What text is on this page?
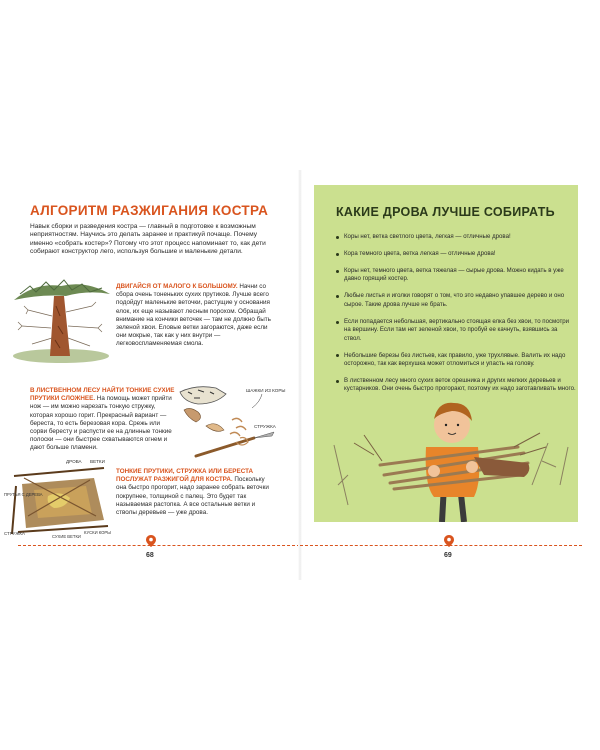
АЛГОРИТМ РАЗЖИГАНИЯ КОСТРА

Навык сборки и разведения костра — главный в подготовке к возможным неприятностям. Научись это делать заранее и практикуй почаще. Почему именно «собрать костер»? Потому что этот процесс напоминает то, как дети собирают конструктор лего, используя большие и маленькие детали.

ДВИГАЙСЯ ОТ МАЛОГО К БОЛЬШОМУ. Начни со сбора очень тоненьких сухих прутиков. Лучше всего подойдут маленькие веточки, растущие у основания елок, их еще называют лесным порохом. Обращай внимание на кончики веточек — там не должно быть зеленой хвои. Еловые ветки загораются, даже если они мокрые, так как у них внутри — легковоспламеняемая смола.

В ЛИСТВЕННОМ ЛЕСУ НАЙТИ ТОНКИЕ СУХИЕ ПРУТИКИ СЛОЖНЕЕ. На помощь может прийти нож — им можно нарезать тонкую стружку, которая хорошо горит. Прекрасный вариант — береста, то есть березовая кора. Срежь или сорви бересту и распусти ее на длинные тонкие полоски — они быстрее схватываются огнем и дают больше пламени.

ШАЖКИ ИЗ КОРЫ
СТРУЖКА
ДРОВА ВЕТКИ
ПРУТЬЯ С ДЕРЕВА
СТРУЖКА
СУХИЕ ВЕТКИ
КУСКИ КОРЫ

ТОНКИЕ ПРУТИКИ, СТРУЖКА ИЛИ БЕРЕСТА ПОСЛУЖАТ РАЗЖИГОЙ ДЛЯ КОСТРА. Поскольку она быстро прогорит, надо заранее собрать веточки покрупнее, толщиной с палец. Это будет так называемая растопка. А все остальные ветки и стволы деревьев — уже дрова.

68
КАКИЕ ДРОВА ЛУЧШЕ СОБИРАТЬ
Коры нет, ветка светлого цвета, легкая — отличные дрова!
Кора темного цвета, ветка легкая — отличные дрова!
Коры нет, темного цвета, ветка тяжелая — сырые дрова. Можно кидать в уже давно горящий костер.
Любые листья и иголки говорят о том, что это недавно упавшее дерево и оно сырое. Такие дрова лучше не брать.
Если попадается небольшая, вертикально стоящая елка без хвои, то посмотри на вершину. Если там нет зеленой хвои, то пробуй ее качнуть, взявшись за ствол.
Небольшие березы без листьев, как правило, уже трухлявые. Валить их надо осторожно, так как верхушка может отломиться и упасть на голову.
В лиственном лесу много сухих веток орешника и других мелких деревьев и кустарников. Они очень быстро прогорают, поэтому их надо заготавливать много.
69
